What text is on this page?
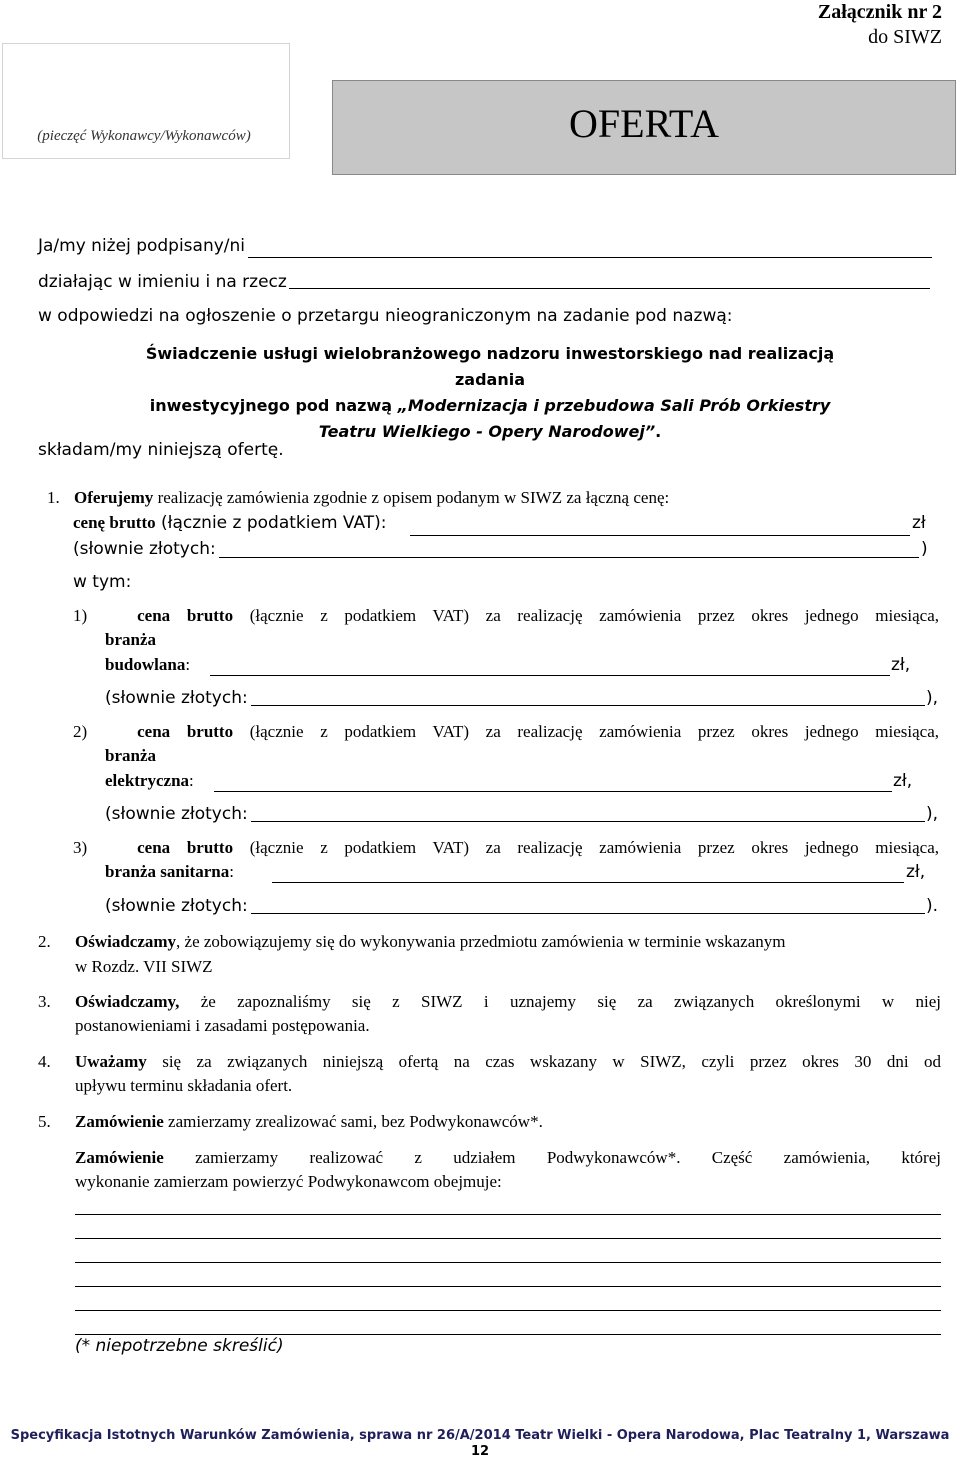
Załącznik nr 2
do SIWZ
(pieczęć Wykonawcy/Wykonawców)	OFERTA
Ja/my niżej podpisany/ni
działając w imieniu i na rzecz
w odpowiedzi na ogłoszenie o przetargu nieograniczonym na zadanie pod nazwą:
Świadczenie usługi wielobranżowego nadzoru inwestorskiego nad realizacją zadania
inwestycyjnego pod nazwą „Modernizacja i przebudowa Sali Prób Orkiestry
Teatru Wielkiego - Opery Narodowej”.
składam/my niniejszą ofertę.
1. Oferujemy realizację zamówienia zgodnie z opisem podanym w SIWZ za łączną cenę:
cenę brutto (łącznie z podatkiem VAT):	zł
(słownie złotych:	)
w tym:
1)	cena brutto (łącznie z podatkiem VAT) za realizację zamówienia przez okres jednego miesiąca,
branża
budowlana:	zł,
(słownie złotych:	),
2)	cena brutto (łącznie z podatkiem VAT) za realizację zamówienia przez okres jednego miesiąca,
branża
elektryczna:	zł,
(słownie złotych:	),
3)	cena brutto (łącznie z podatkiem VAT) za realizację zamówienia przez okres jednego miesiąca,
branża sanitarna:	zł,
(słownie złotych:	).
2. Oświadczamy, że zobowiązujemy się do wykonywania przedmiotu zamówienia w terminie wskazanym
w Rozdz. VII SIWZ
3. Oświadczamy, że zapoznaliśmy się z SIWZ i uznajemy się za związanych określonymi w niej
postanowieniami i zasadami postępowania.
4. Uważamy się za związanych niniejszą ofertą na czas wskazany w SIWZ, czyli przez okres 30 dni od
upływu terminu składania ofert.
5. Zamówienie zamierzamy zrealizować sami, bez Podwykonawców*.
Zamówienie zamierzamy realizować z udziałem Podwykonawców*. Część zamówienia, której
wykonanie zamierzam powierzyć Podwykonawcom obejmuje:
(* niepotrzebne skreślić)
Specyfikacja Istotnych Warunków Zamówienia, sprawa nr 26/A/2014 Teatr Wielki - Opera Narodowa, Plac Teatralny 1, Warszawa
12
